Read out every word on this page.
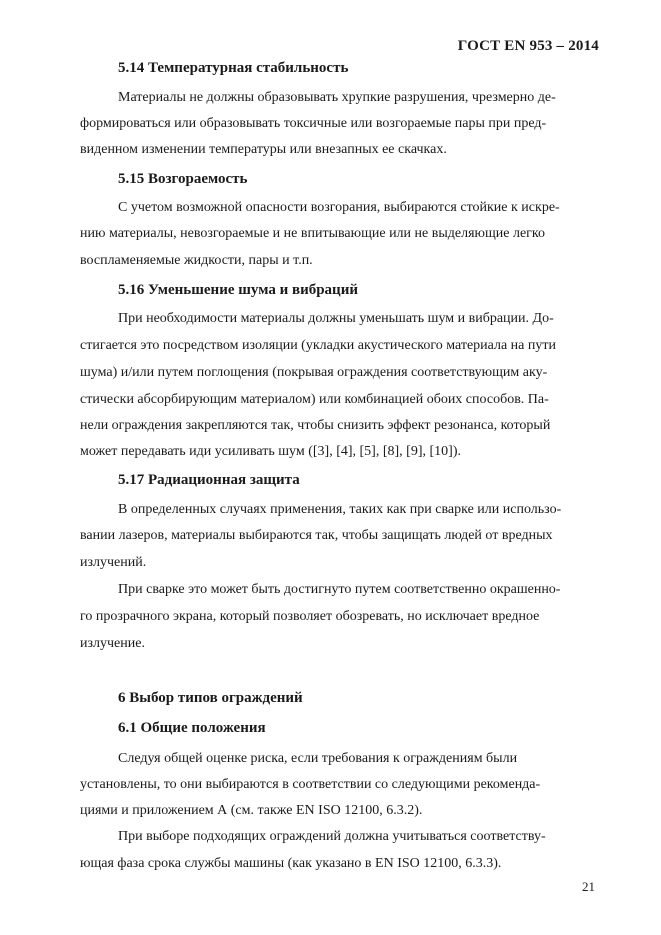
ГОСТ EN 953 – 2014
5.14 Температурная стабильность
Материалы не должны образовывать хрупкие разрушения, чрезмерно де-
формироваться или образовывать токсичные или возгораемые пары при пред-
виденном изменении температуры или внезапных ее скачках.
5.15 Возгораемость
С учетом возможной опасности возгорания, выбираются стойкие к искре-
нию материалы, невозгораемые и не впитывающие или не выделяющие легко
воспламеняемые жидкости, пары и т.п.
5.16 Уменьшение шума и вибраций
При необходимости материалы должны уменьшать шум и вибрации. До-
стигается это посредством изоляции (укладки акустического материала на пути
шума) и/или путем поглощения (покрывая ограждения соответствующим аку-
стически абсорбирующим материалом) или комбинацией обоих способов. Па-
нели ограждения закрепляются так, чтобы снизить эффект резонанса, который
может передавать иди усиливать шум ([3], [4], [5], [8], [9], [10]).
5.17 Радиационная защита
В определенных случаях применения, таких как при сварке или использо-
вании лазеров, материалы выбираются так, чтобы защищать людей от вредных
излучений.
При сварке это может быть достигнуто путем соответственно окрашенно-
го прозрачного экрана, который позволяет обозревать, но исключает вредное
излучение.
6 Выбор типов ограждений
6.1 Общие положения
Следуя общей оценке риска, если требования к ограждениям были
установлены, то они выбираются в соответствии со следующими рекоменда-
циями и приложением А (см. также EN ISO 12100, 6.3.2).
При выборе подходящих ограждений должна учитываться соответству-
ющая фаза срока службы машины (как указано в EN ISO 12100, 6.3.3).
21
